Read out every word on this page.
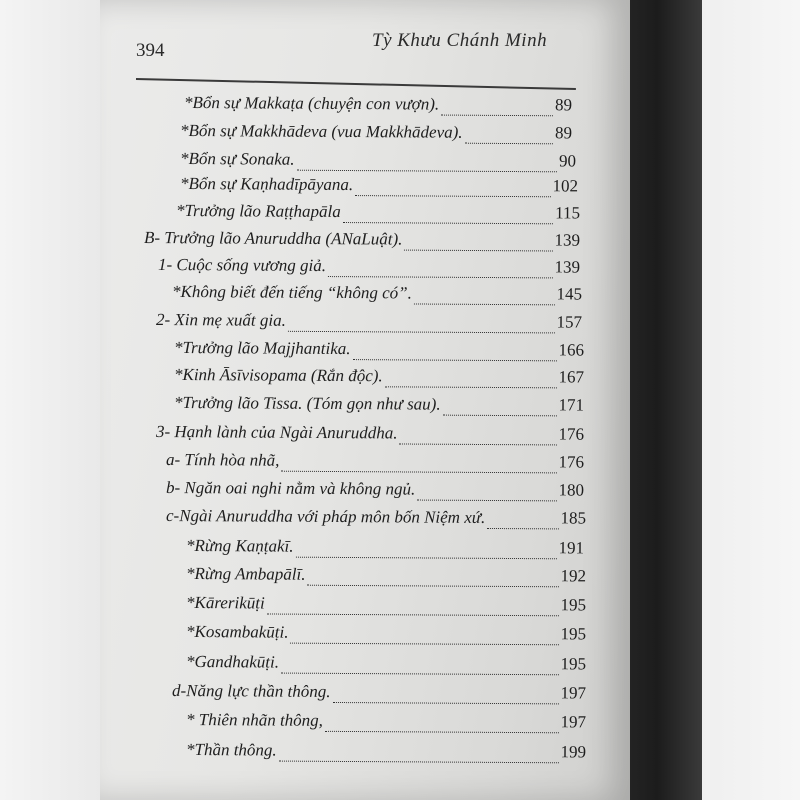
394	Tỳ Khưu Chánh Minh
*Bổn sự Makkaṭa (chuyện con vượn).	89
*Bổn sự Makkhādeva (vua Makkhādeva).	89
*Bổn sự Sonaka.	90
*Bổn sự Kaṇhadīpāyana.	102
*Trưởng lão Raṭṭhapāla	115
B- Trưởng lão Anuruddha (ANaLuật).	139
1- Cuộc sống vương giả.	139
*Không biết đến tiếng “không có”.	145
2- Xin mẹ xuất gia.	157
*Trưởng lão Majjhantika.	166
*Kinh Āsīvisopama (Rắn độc).	167
*Trưởng lão Tissa. (Tóm gọn như sau).	171
3- Hạnh lành của Ngài Anuruddha.	176
a- Tính hòa nhã,	176
b- Ngăn oai nghi nằm và không ngủ.	180
c-Ngài Anuruddha với pháp môn bốn Niệm xứ.	185
*Rừng Kaṇṭakī.	191
*Rừng Ambapālī.	192
*Kārerikūṭi	195
*Kosambakūṭi.	195
*Gandhakūṭi.	195
d-Năng lực thần thông.	197
* Thiên nhãn thông,	197
*Thần thông.	199
